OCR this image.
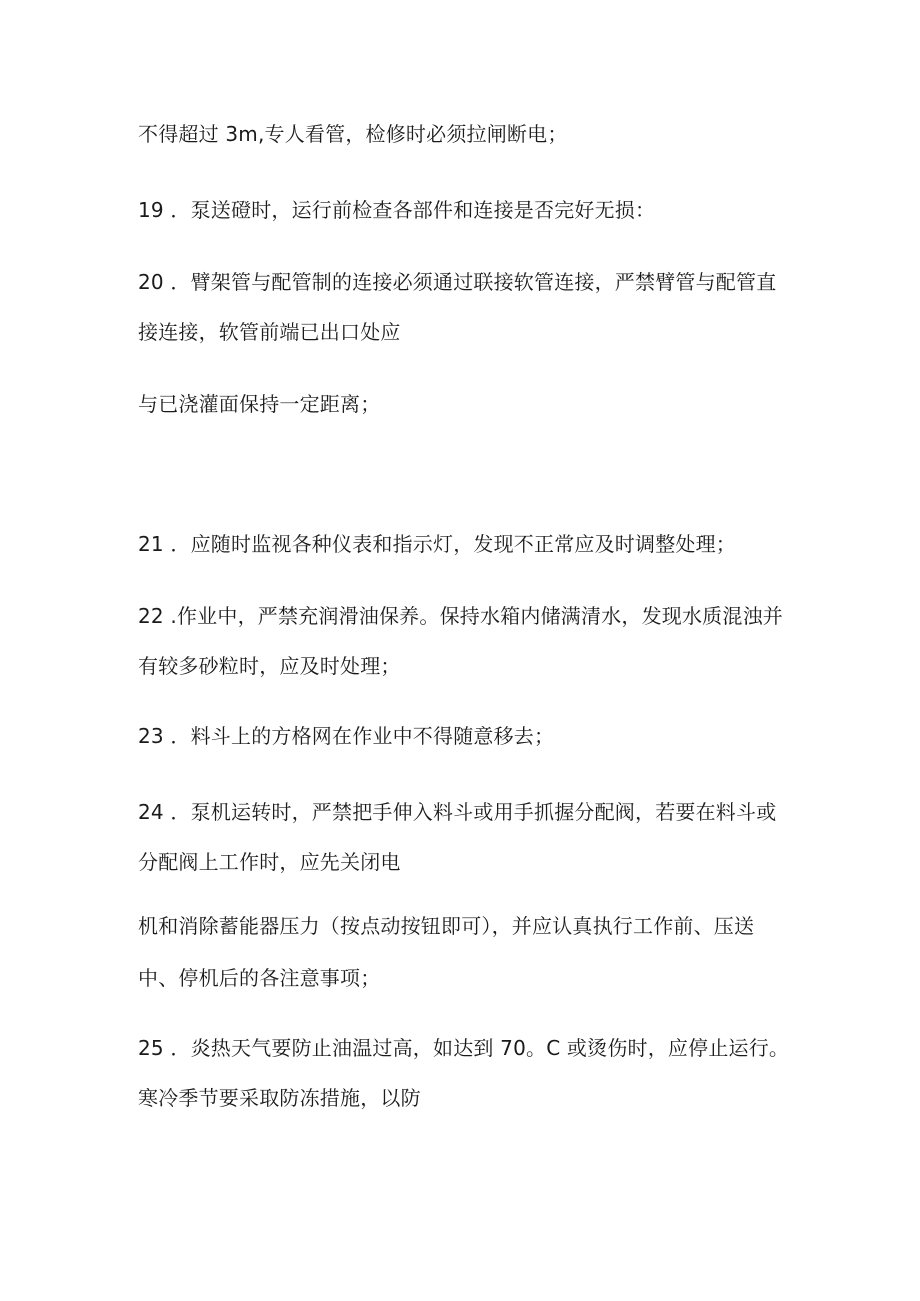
不得超过 3m,专人看管，检修时必须拉闸断电；
19 ．泵送磴时，运行前检查各部件和连接是否完好无损：
20 ．臂架管与配管制的连接必须通过联接软管连接，严禁臂管与配管直
接连接，软管前端已出口处应
与已浇灌面保持一定距离；
21 ．应随时监视各种仪表和指示灯，发现不正常应及时调整处理；
22 .作业中，严禁充润滑油保养。保持水箱内储满清水，发现水质混浊并
有较多砂粒时，应及时处理；
23 ．料斗上的方格网在作业中不得随意移去；
24 ．泵机运转时，严禁把手伸入料斗或用手抓握分配阀，若要在料斗或
分配阀上工作时，应先关闭电
机和消除蓄能器压力（按点动按钮即可），并应认真执行工作前、压送
中、停机后的各注意事项；
25 ．炎热天气要防止油温过高，如达到 70。C 或烫伤时，应停止运行。
寒冷季节要采取防冻措施，以防
